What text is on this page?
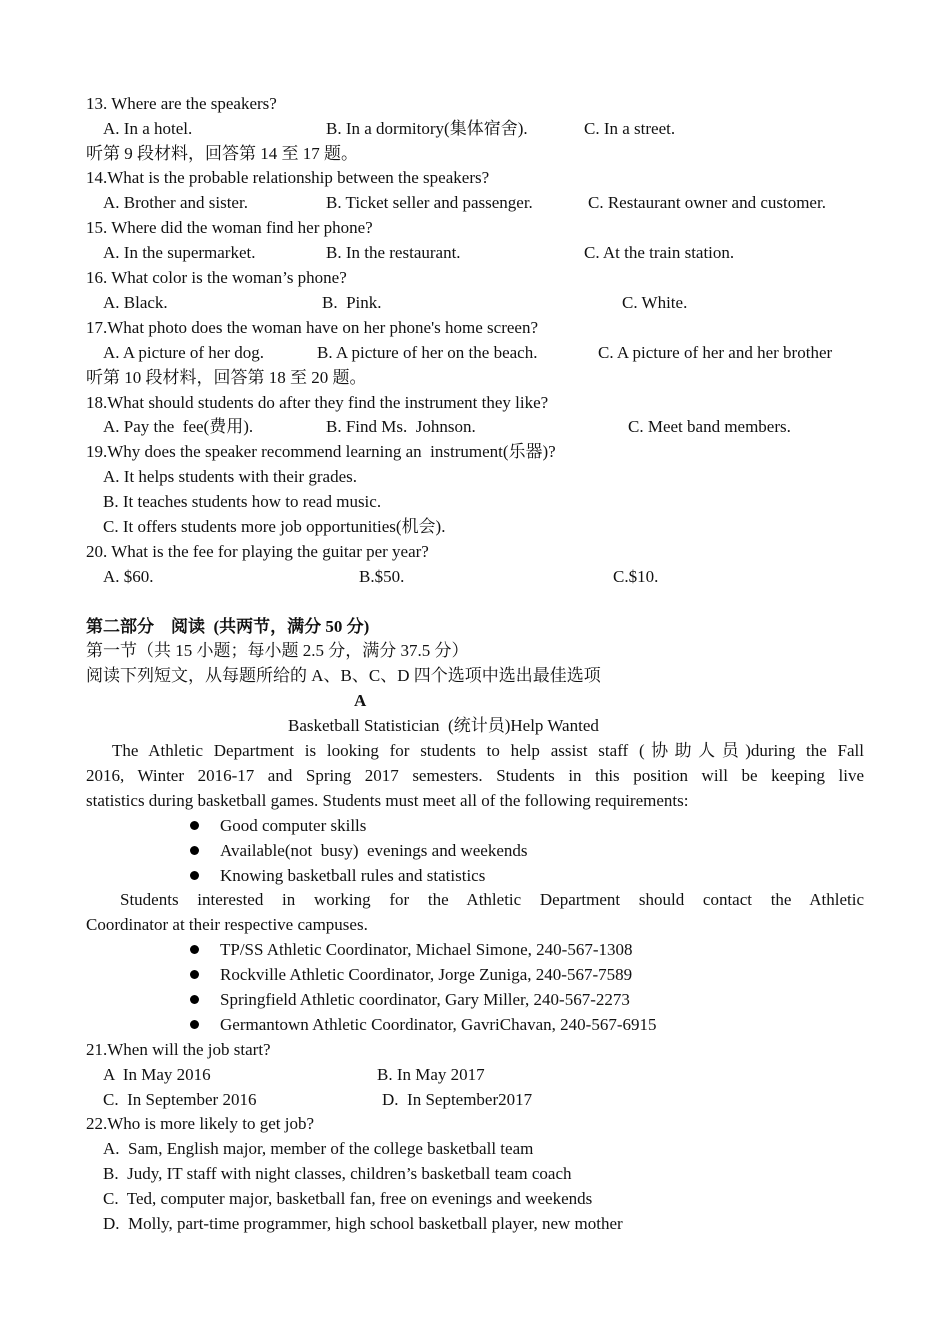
13. Where are the speakers?
A. In a hotel.	B. In a dormitory(集体宿舍).	C. In a street.
听第 9 段材料，回答第 14 至 17 题。
14.What is the probable relationship between the speakers?
A. Brother and sister.	B. Ticket seller and passenger.	C. Restaurant owner and customer.
15. Where did the woman find her phone?
A. In the supermarket.	B. In the restaurant.	C. At the train station.
16. What color is the woman’s phone?
A. Black.	B.  Pink.	C. White.
17.What photo does the woman have on her phone's home screen?
A. A picture of her dog.	B. A picture of her on the beach.	C. A picture of her and her brother
听第 10 段材料，回答第 18 至 20 题。
18.What should students do after they find the instrument they like?
A. Pay the  fee(费用).	B. Find Ms.  Johnson.	C. Meet band members.
19.Why does the speaker recommend learning an  instrument(乐器)?
A. It helps students with their grades.
B. It teaches students how to read music.
C. It offers students more job opportunities(机会).
20. What is the fee for playing the guitar per year?
A. $60.	B.$50.	C.$10.
第二部分    阅读  (共两节，满分 50 分)
第一节（共 15 小题；每小题 2.5 分，满分 37.5 分）
阅读下列短文，从每题所给的 A、B、C、D 四个选项中选出最佳选项
A
Basketball Statistician  (统计员)Help Wanted
The Athletic Department is looking for students to help assist staff (协助人员)during the Fall
2016, Winter 2016-17 and Spring 2017 semesters. Students in this position will be keeping live
statistics during basketball games. Students must meet all of the following requirements:
Good computer skills
Available(not  busy)  evenings and weekends
Knowing basketball rules and statistics
Students interested in working for the Athletic Department should contact the Athletic
Coordinator at their respective campuses.
TP/SS Athletic Coordinator, Michael Simone, 240-567-1308
Rockville Athletic Coordinator, Jorge Zuniga, 240-567-7589
Springfield Athletic coordinator, Gary Miller, 240-567-2273
Germantown Athletic Coordinator, GavriChavan, 240-567-6915
21.When will the job start?
A  In May 2016	B. In May 2017
C.  In September 2016	D.  In September2017
22.Who is more likely to get job?
A.  Sam, English major, member of the college basketball team
B.  Judy, IT staff with night classes, children’s basketball team coach
C.  Ted, computer major, basketball fan, free on evenings and weekends
D.  Molly, part-time programmer, high school basketball player, new mother
